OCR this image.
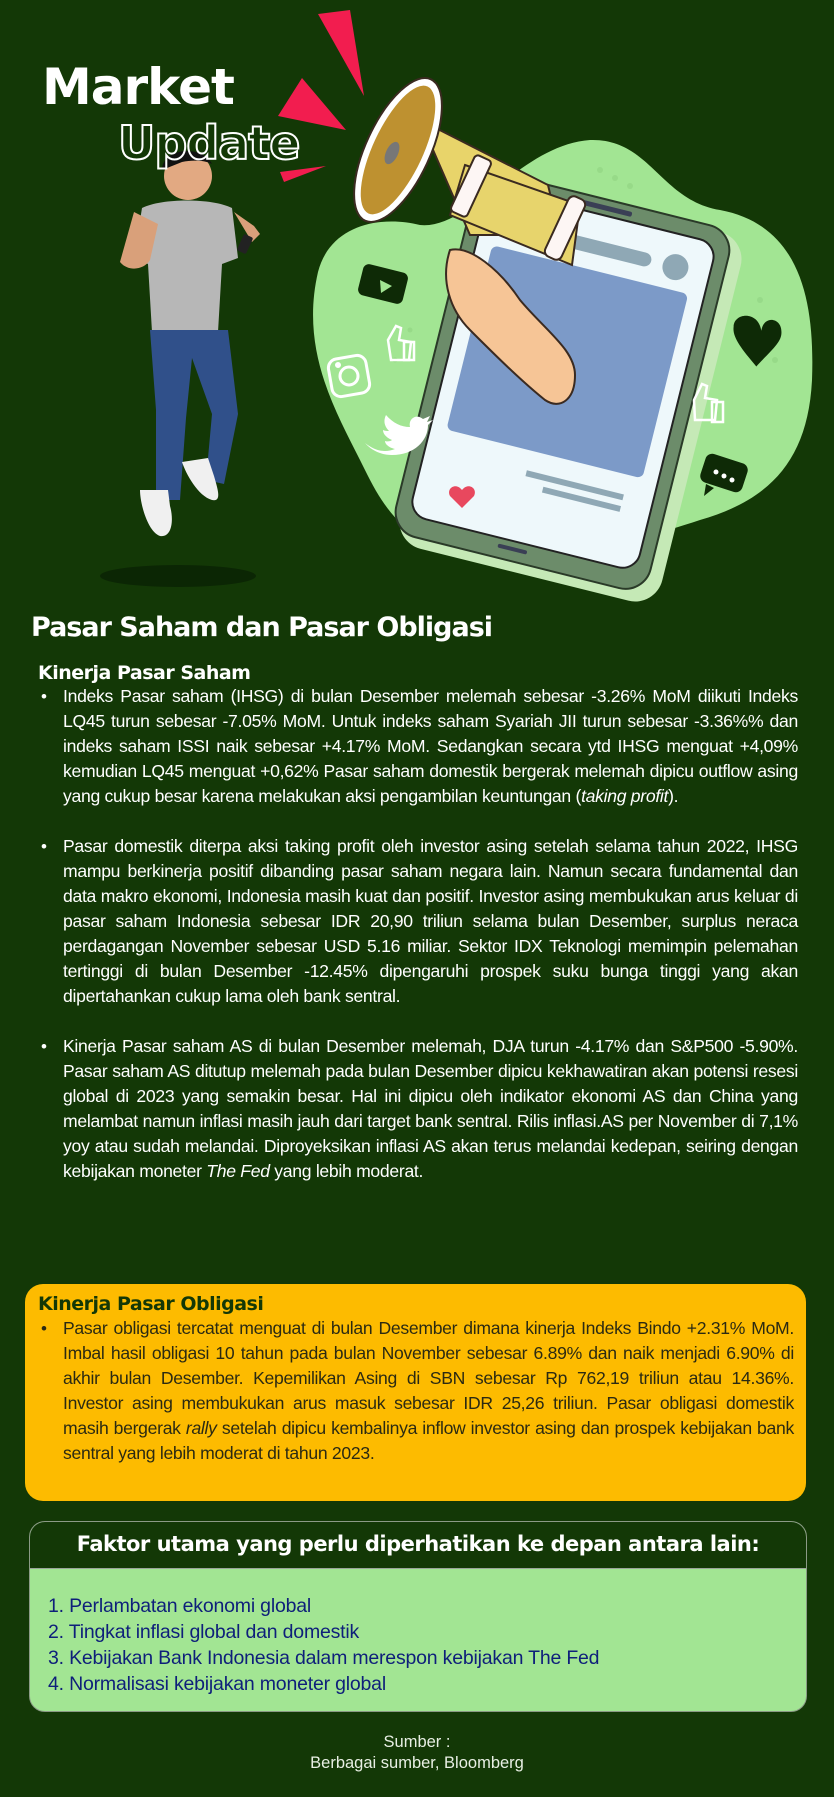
Market
Update
Pasar Saham dan Pasar Obligasi
Kinerja Pasar Saham
• Indeks Pasar saham (IHSG) di bulan Desember melemah sebesar -3.26% MoM diikuti Indeks LQ45 turun sebesar -7.05% MoM. Untuk indeks saham Syariah JII turun sebesar -3.36%% dan indeks saham ISSI naik sebesar +4.17% MoM. Sedangkan secara ytd IHSG menguat +4,09% kemudian LQ45 menguat +0,62% Pasar saham domestik bergerak melemah dipicu outflow asing yang cukup besar karena melakukan aksi pengambilan keuntungan (taking profit).
• Pasar domestik diterpa aksi taking profit oleh investor asing setelah selama tahun 2022, IHSG mampu berkinerja positif dibanding pasar saham negara lain. Namun secara fundamental dan data makro ekonomi, Indonesia masih kuat dan positif. Investor asing membukukan arus keluar di pasar saham Indonesia sebesar IDR 20,90 triliun selama bulan Desember, surplus neraca perdagangan November sebesar USD 5.16 miliar. Sektor IDX Teknologi memimpin pelemahan tertinggi di bulan Desember -12.45% dipengaruhi prospek suku bunga tinggi yang akan dipertahankan cukup lama oleh bank sentral.
• Kinerja Pasar saham AS di bulan Desember melemah, DJA turun -4.17% dan S&P500 -5.90%. Pasar saham AS ditutup melemah pada bulan Desember dipicu kekhawatiran akan potensi resesi global di 2023 yang semakin besar. Hal ini dipicu oleh indikator ekonomi AS dan China yang melambat namun inflasi masih jauh dari target bank sentral. Rilis inflasi.AS per November di 7,1% yoy atau sudah melandai. Diproyeksikan inflasi AS akan terus melandai kedepan, seiring dengan kebijakan moneter The Fed yang lebih moderat.
Kinerja Pasar Obligasi
• Pasar obligasi tercatat menguat di bulan Desember dimana kinerja Indeks Bindo +2.31% MoM. Imbal hasil obligasi 10 tahun pada bulan November sebesar 6.89% dan naik menjadi 6.90% di akhir bulan Desember. Kepemilikan Asing di SBN sebesar Rp 762,19 triliun atau 14.36%. Investor asing membukukan arus masuk sebesar IDR 25,26 triliun. Pasar obligasi domestik masih bergerak rally setelah dipicu kembalinya inflow investor asing dan prospek kebijakan bank sentral yang lebih moderat di tahun 2023.
Faktor utama yang perlu diperhatikan ke depan antara lain:
1. Perlambatan ekonomi global
2. Tingkat inflasi global dan domestik
3. Kebijakan Bank Indonesia dalam merespon kebijakan The Fed
4. Normalisasi kebijakan moneter global
Sumber :
Berbagai sumber, Bloomberg
